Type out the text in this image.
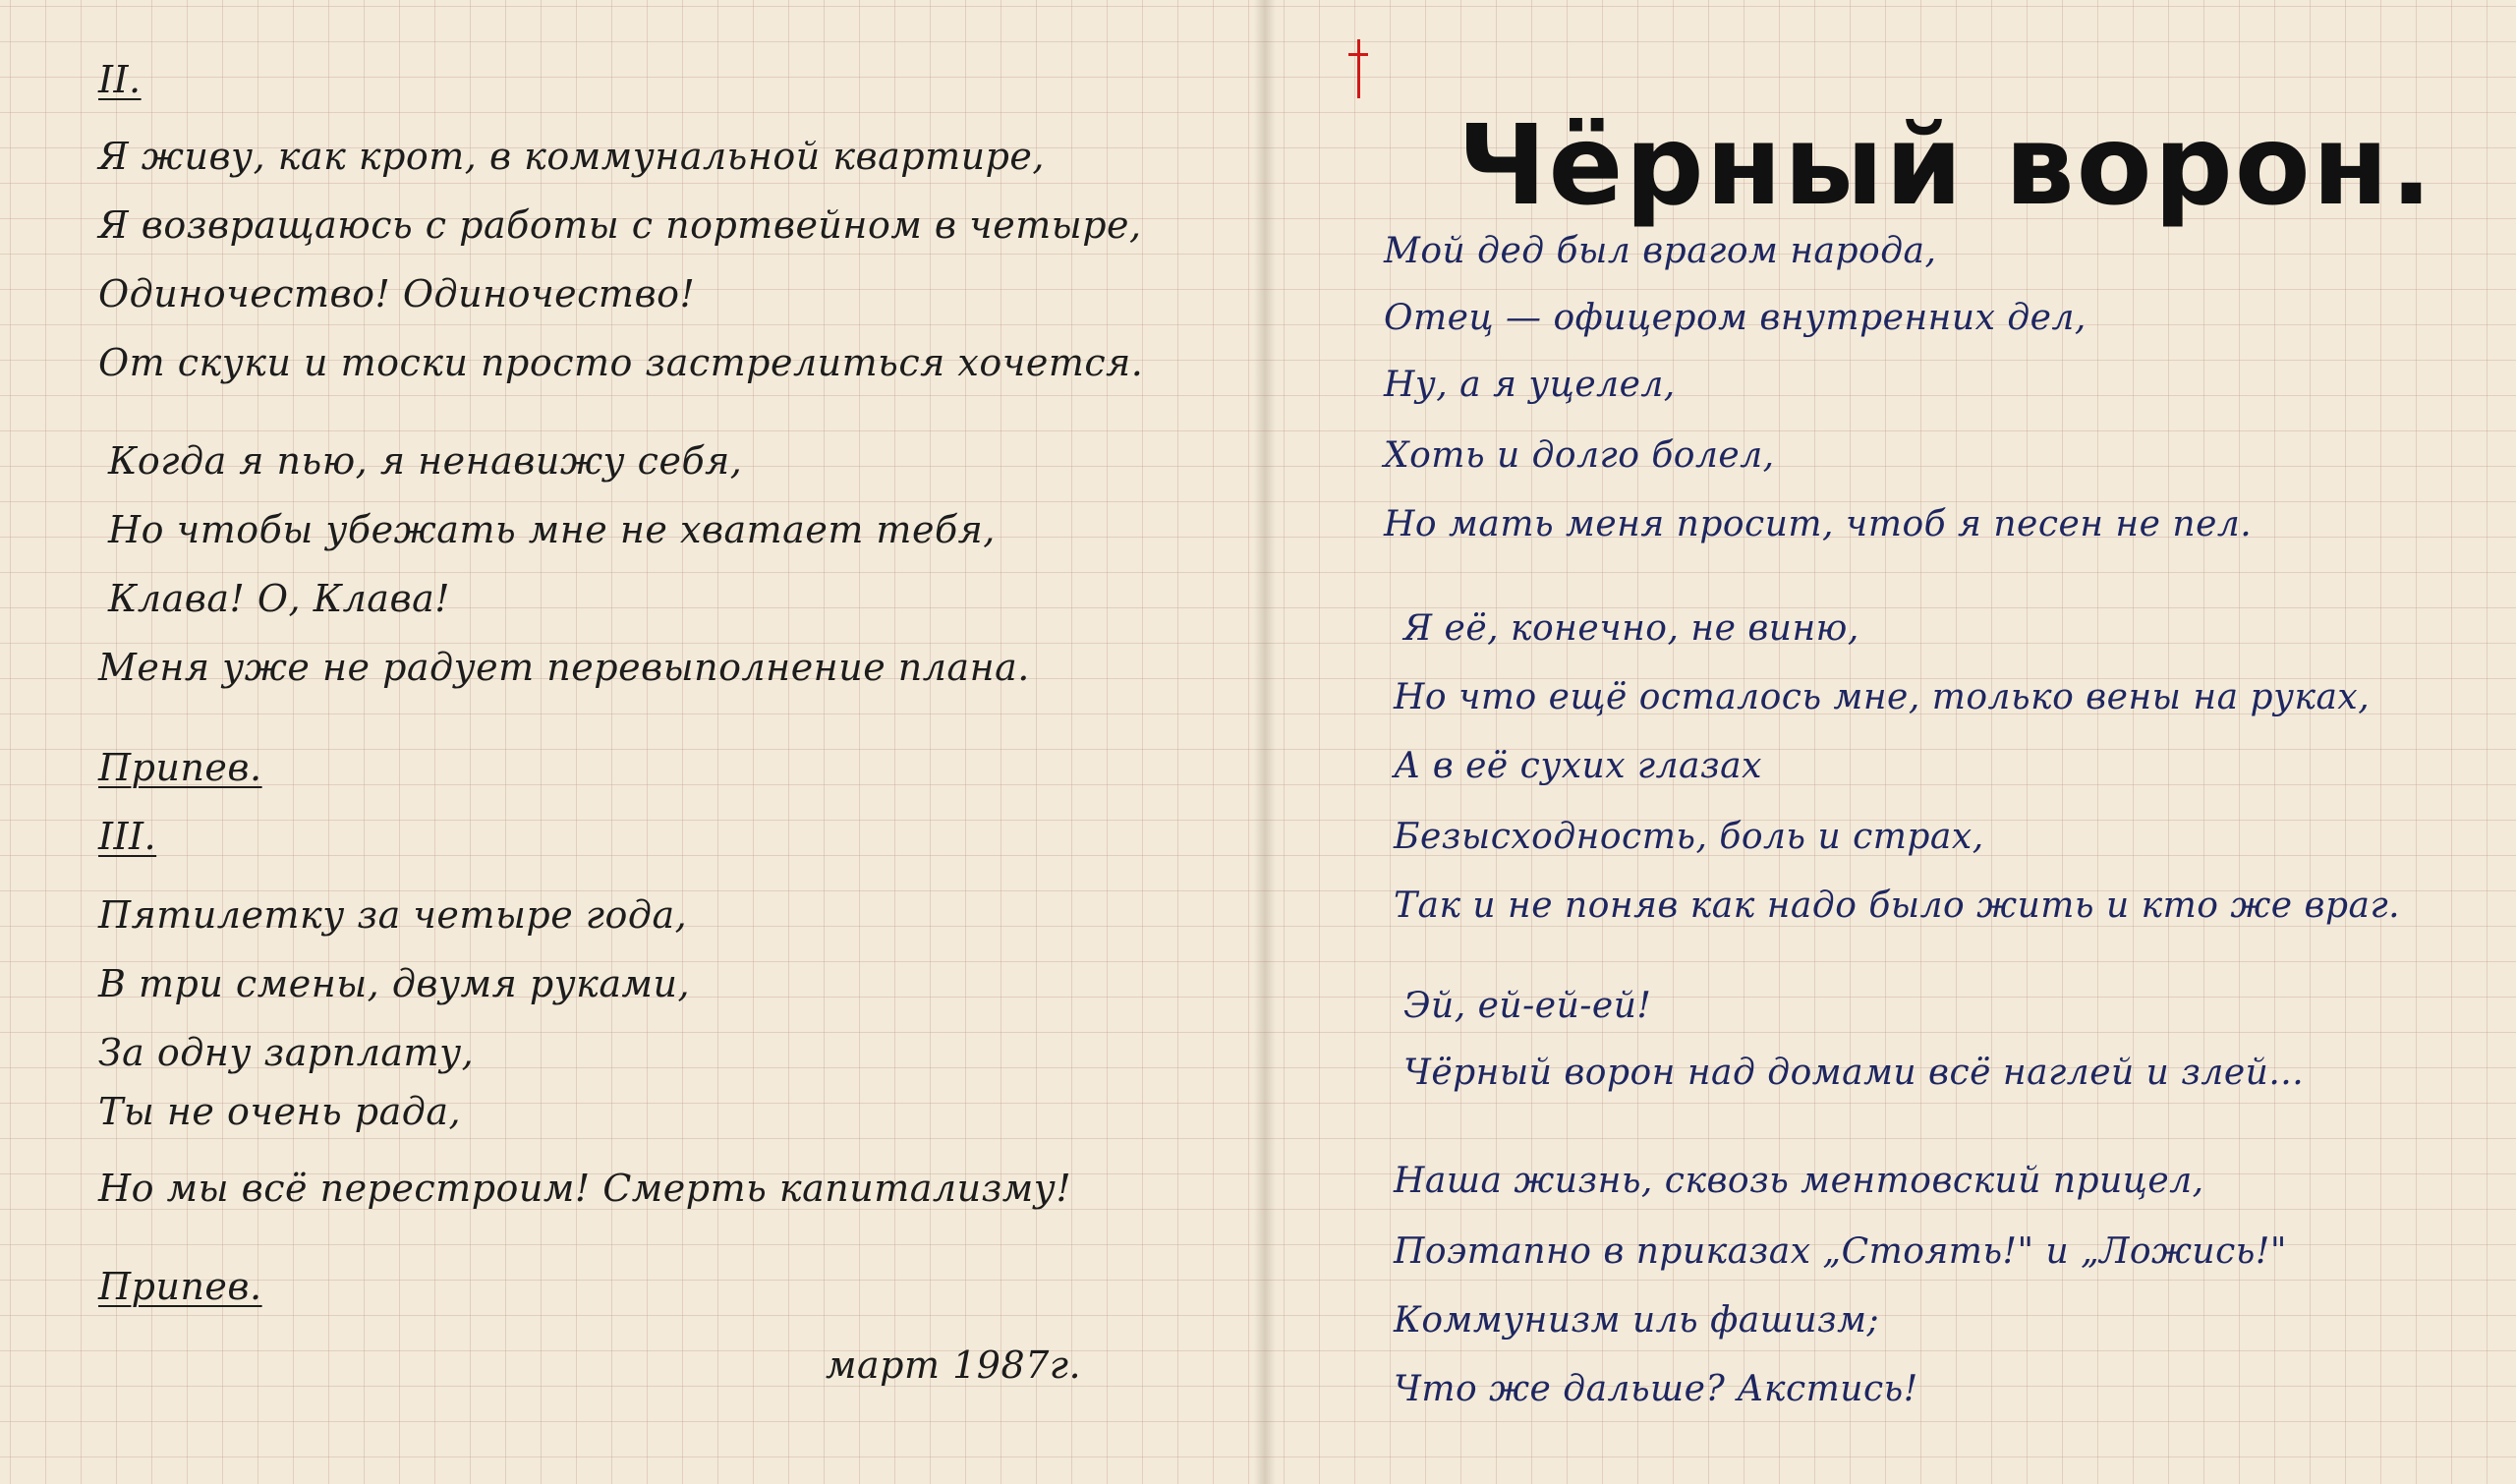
II.

Я живу, как крот, в коммунальной квартире,

Я возвращаюсь с работы с портвейном в четыре,

Одиночество! Одиночество!

От скуки и тоски просто застрелиться хочется.

Когда я пью, я ненавижу себя,

Но чтобы убежать мне не хватает тебя,

Клава! О, Клава!

Меня уже не радует перевыполнение плана.

Припев.

III.

Пятилетку за четыре года,

В три смены, двумя руками,

За одну зарплату,

Ты не очень рада,

Но мы всё перестроим! Смерть капитализму!

Припев.

март 1987г.

Чёрный ворон.

Мой дед был врагом народа,

Отец — офицером внутренних дел,

Ну, а я уцелел,

Хоть и долго болел,

Но мать меня просит, чтоб я песен не пел.

Я её, конечно, не виню,

Но что ещё осталось мне, только вены на руках,

А в её сухих глазах

Безысходность, боль и страх,

Так и не поняв как надо было жить и кто же враг.

Эй, ей-ей-ей!

Чёрный ворон над домами всё наглей и злей...

Наша жизнь, сквозь ментовский прицел,

Поэтапно в приказах „Стоять!" и „Ложись!"

Коммунизм иль фашизм;

Что же дальше? Акстись!
